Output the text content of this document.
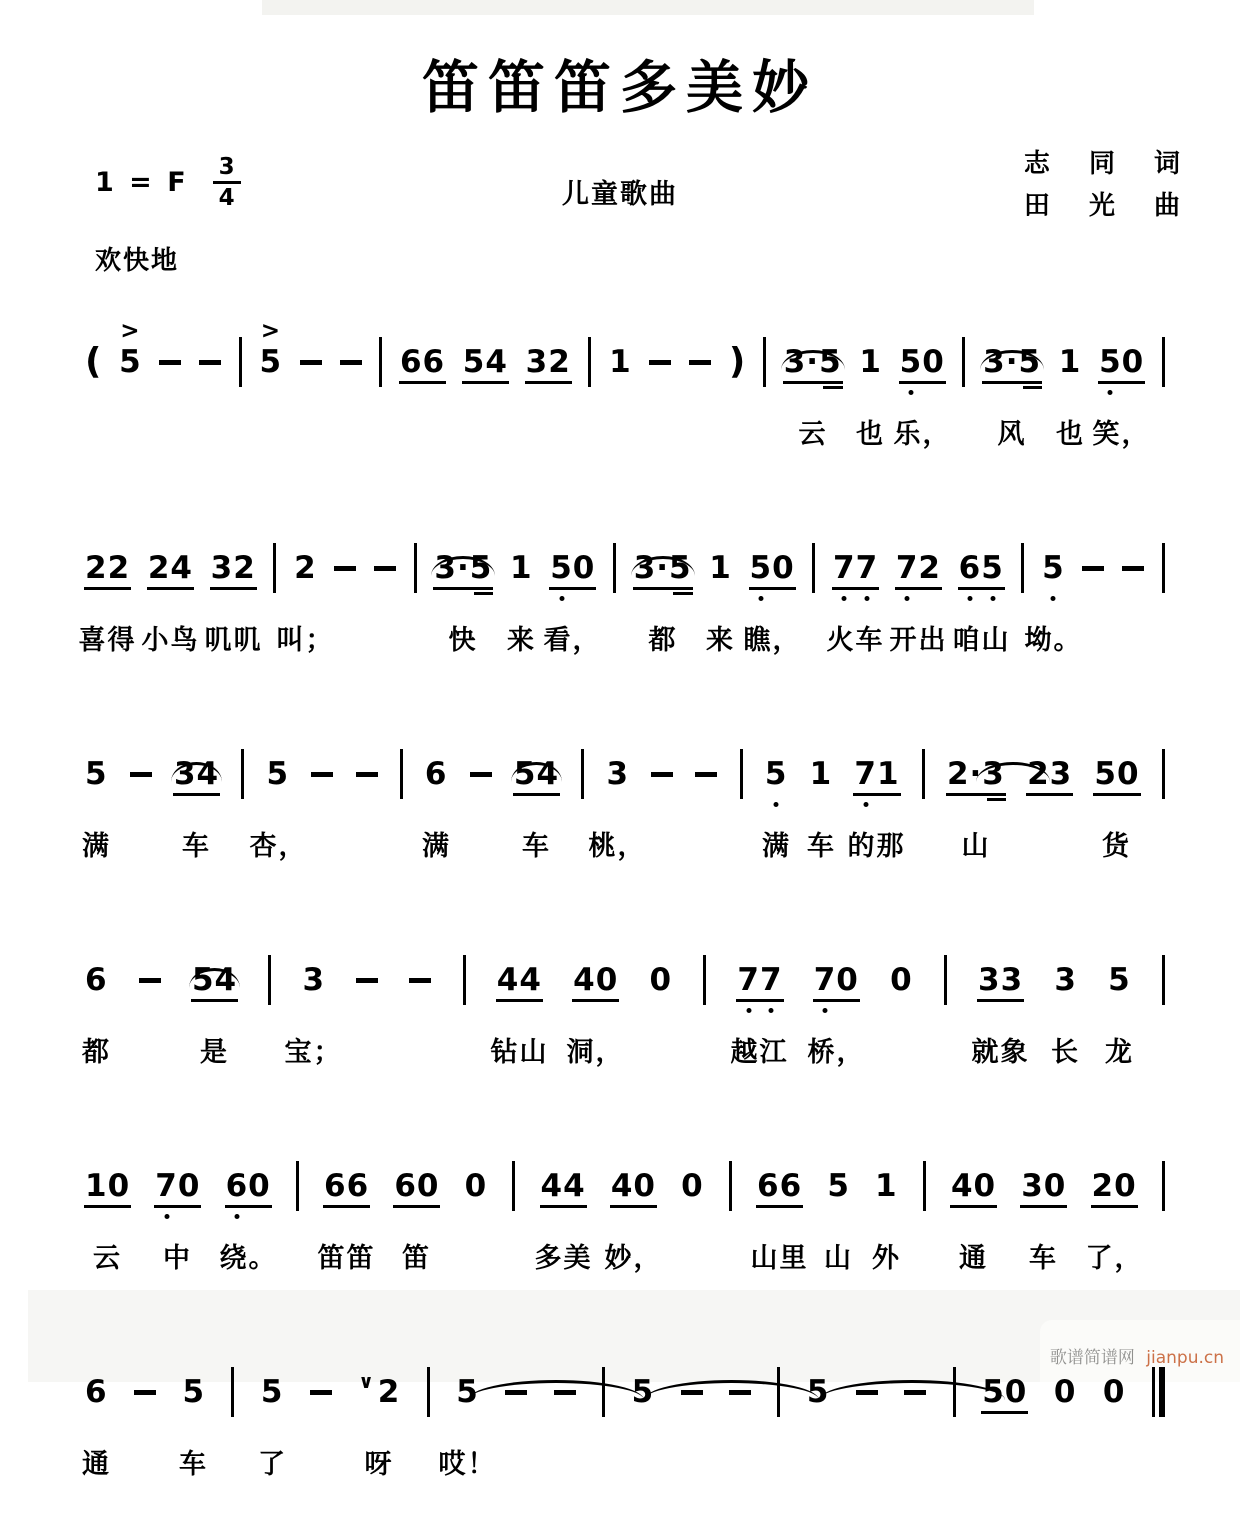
笛笛笛多美妙
1 = F $\frac{3}{4}$	儿童歌曲
志 同 词
田 光 曲
欢快地
( 5
>
5
>
66 54 32 1	) 3·5 1 50 3·5 1 50
云 也 乐， 风 也 笑，
22 24 32 2	3·5 1 50 3·5 1 50 77 72 65 5
喜得 小鸟 叽叽 叫；	快 来 看， 都 来 瞧， 火车 开出 咱山 坳。
5 34 5	6 54 3	5 1 71 2·3 23 50
满	车 杏，	满	车 桃，	满 车 的那 山	货
6	54 3	44 40 0 77 70 0 33 3 5
都	是 宝；	钻山 洞，	越江 桥，	就象 长 龙
10 70 60 66 60 0 44 40 0 66 5 1 40 30 20
云 中 绕。 笛笛 笛	多美 妙，	山里 山 外 通 车 了，
6 5 5	∨2 5	5	5	50 0 0
通	车 了	呀 哎！
歌谱简谱网 jianpu.cn
